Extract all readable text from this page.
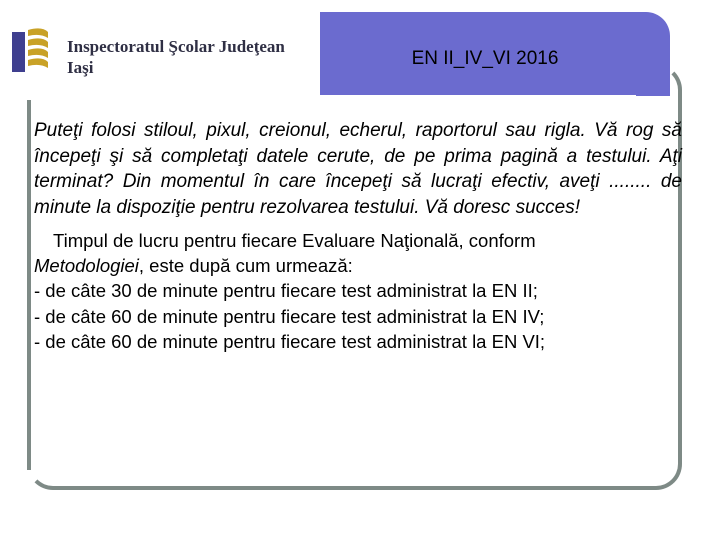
Inspectoratul Şcolar Judeţean
Iaşi	EN II_IV_VI 2016

Puteţi folosi stiloul, pixul, creionul, echerul, raportorul sau rigla. Vă rog să începeţi şi să completaţi datele cerute, de pe prima pagină a testului. Aţi terminat? Din momentul în care începeţi să lucraţi efectiv, aveţi ........ de minute la dispoziţie pentru rezolvarea testului. Vă doresc succes!

Timpul de lucru pentru fiecare Evaluare Naţională, conform
Metodologiei, este după cum urmează:

- de câte 30 de minute pentru fiecare test administrat la EN II;
- de câte 60 de minute pentru fiecare test administrat la EN IV;
- de câte 60 de minute pentru fiecare test administrat la EN VI;
